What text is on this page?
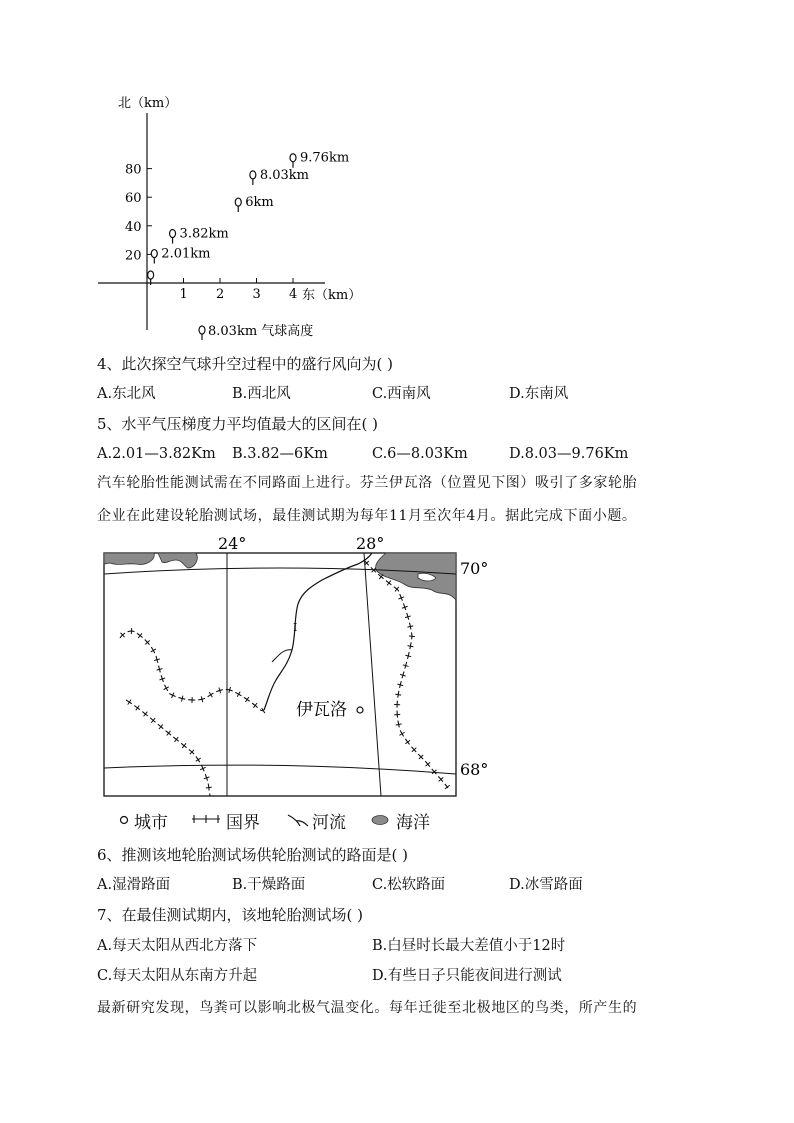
北（km）
东（km）
80
60
40
20
1 2 3 4
9.76km
8.03km
6km
3.82km
2.01km
8.03km 气球高度
4、此次探空气球升空过程中的盛行风向为( )
A.东北风	B.西北风	C.西南风	D.东南风
5、水平气压梯度力平均值最大的区间在( )
A.2.01—3.82Km B.3.82—6Km	C.6—8.03Km	D.8.03—9.76Km
汽车轮胎性能测试需在不同路面上进行。芬兰伊瓦洛（位置见下图）吸引了多家轮胎
企业在此建设轮胎测试场，最佳测试期为每年11月至次年4月。据此完成下面小题。
24°	28°
I
伊瓦洛
70°
68°
城市	国界	河流	海洋
6、推测该地轮胎测试场供轮胎测试的路面是( )
A.湿滑路面	B.干燥路面	C.松软路面	D.冰雪路面
7、在最佳测试期内，该地轮胎测试场( )
A.每天太阳从西北方落下	B.白昼时长最大差值小于12时
C.每天太阳从东南方升起	D.有些日子只能夜间进行测试
最新研究发现，鸟粪可以影响北极气温变化。每年迁徙至北极地区的鸟类，所产生的
